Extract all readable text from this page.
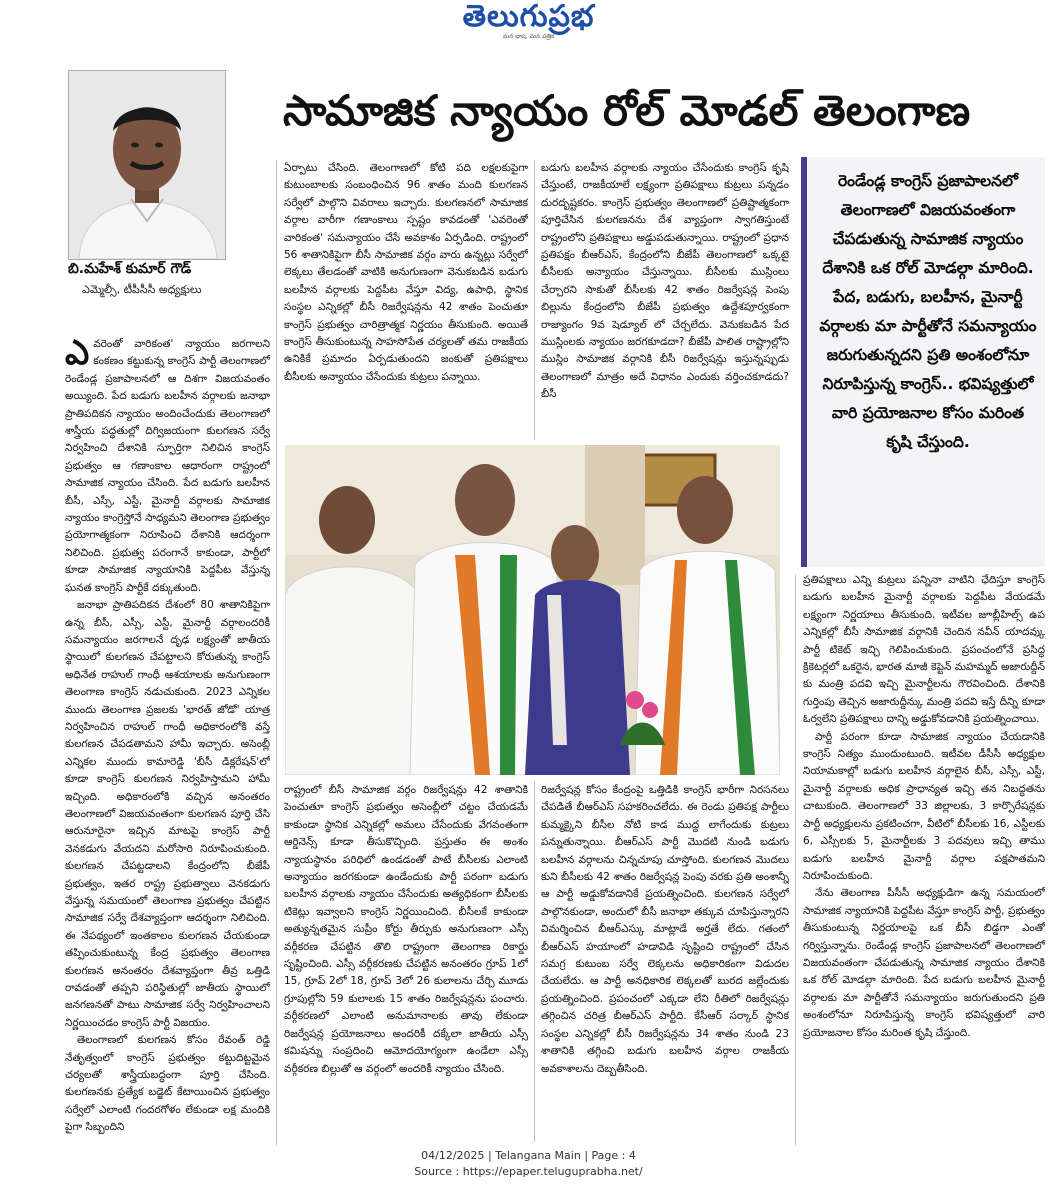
తెలుగుప్రభ
మన భాష, మన పత్రిక
బి.మహేశ్ కుమార్ గౌడ్
ఎమ్మెల్సీ, టీపీసీసీ అధ్యక్షులు
సామాజిక న్యాయం రోల్ మోడల్ తెలంగాణ
ఎ వరెంతో వారికంత' న్యాయం జరగాలని కంకణం కట్టుకున్న కాంగ్రెస్ పార్టీ తెలంగాణలో రెండేండ్ల ప్రజాపాలనలో ఆ దిశగా విజయవంతం అయ్యింది. పేద బడుగు బలహీన వర్గాలకు జనాభా ప్రాతిపదికన న్యాయం అందించేందుకు తెలంగాణలో శాస్త్రీయ పద్ధతుల్లో దిగ్విజయంగా కులగణన సర్వే నిర్వహించి దేశానికి స్ఫూర్తిగా నిలిచిన కాంగ్రెస్ ప్రభుత్వం ఆ గణాంకాల ఆధారంగా రాష్ట్రంలో సామాజిక న్యాయం చేసింది. పేద బడుగు బలహీన బీసీ, ఎస్సీ, ఎస్టీ, మైనార్టీ వర్గాలకు సామాజిక న్యాయం కాంగ్రెస్తోనే సాధ్యమని తెలంగాణ ప్రభుత్వం ప్రయోగాత్మకంగా నిరూపించి దేశానికి ఆదర్శంగా నిలిచింది. ప్రభుత్వ పరంగానే కాకుండా, పార్టీలో కూడా సామాజిక న్యాయానికి పెద్దపీట వేస్తున్న ఘనత కాంగ్రెస్ పార్టీకే దక్కుతుంది.

జనాభా ప్రాతిపదికన దేశంలో 80 శాతానికిపైగా ఉన్న బీసీ, ఎస్సీ, ఎస్టీ, మైనార్టీ వర్గాలందరికీ సమన్యాయం జరగాలనే దృఢ లక్ష్యంతో జాతీయ స్థాయిలో కులగణన చేపట్టాలని కోరుతున్న కాంగ్రెస్ అధినేత రాహుల్ గాంధీ ఆశయాలకు అనుగుణంగా తెలంగాణ కాంగ్రెస్ నడుచుకుంది. 2023 ఎన్నికల ముందు తెలంగాణ ప్రజలకు 'భారత్ జోడో' యాత్ర నిర్వహించిన రాహుల్ గాంధీ అధికారంలోకి వస్తే కులగణన చేపడతామని హామీ ఇచ్చారు. అసెంబ్లీ ఎన్నికల ముందు కామారెడ్డి 'బీసీ డిక్లరేషన్'లో కూడా కాంగ్రెస్ కులగణన నిర్వహిస్తామని హామీ ఇచ్చింది. అధికారంలోకి వచ్చిన అనంతరం తెలంగాణలో విజయవంతంగా కులగణన పూర్తి చేసి ఆరునూరైనా ఇచ్చిన మాటపై కాంగ్రెస్ పార్టీ వెనకడుగు వేయదని మరోసారి నిరూపించుకుంది. కులగణన చేపట్టడాలని కేంద్రంలోని బీజేపీ ప్రభుత్వం, ఇతర రాష్ట్ర ప్రభుత్వాలు వెనకడుగు వేస్తున్న సమయంలో తెలంగాణ ప్రభుత్వం చేపట్టిన సామాజిక సర్వే దేశవ్యాప్తంగా ఆదర్శంగా నిలిచింది. ఈ నేపథ్యంలో ఇంతకాలం కులగణన చేయకుండా తప్పించుకుంటున్న కేంద్ర ప్రభుత్వం తెలంగాణ కులగణన అనంతరం దేశవ్యాప్తంగా తీవ్ర ఒత్తిడి రావడంతో తప్పని పరిస్థితుల్లో జాతీయ స్థాయిలో జనగణనతో పాటు సామాజిక సర్వే నిర్వహించాలని నిర్ణయించడం కాంగ్రెస్ పార్టీ విజయం.

తెలంగాణలో కులగణన కోసం రేవంత్ రెడ్డి నేతృత్వంలో కాంగ్రెస్ ప్రభుత్వం కట్టుదిట్టమైన చర్యలతో శాస్త్రీయబద్ధంగా పూర్తి చేసింది. కులగణనకు ప్రత్యేక బడ్జెట్ కేటాయించిన ప్రభుత్వం సర్వేలో ఎలాంటి గందరగోళం లేకుండా లక్ష మందికి పైగా సిబ్బందిని

ఏర్పాటు చేసింది. తెలంగాణలో కోటి పది లక్షలకుపైగా కుటుంబాలకు సంబంధించిన 96 శాతం మంది కులగణన సర్వేలో పాల్గొని వివరాలు ఇచ్చారు. కులగణనలో సామాజిక వర్గాల వారీగా గణాంకాలు స్పష్టం కావడంతో 'ఎవరెంతో వారికంత' సమన్యాయం చేసే అవకాశం ఏర్పడింది. రాష్ట్రంలో 56 శాతానికిపైగా బీసీ సామాజిక వర్గం వారు ఉన్నట్లు సర్వేలో లెక్కలు తేలడంతో వాటికి అనుగుణంగా వెనుకబడిన బడుగు బలహీన వర్గాలకు పెద్దపీట వేస్తూ విద్య, ఉపాధి, స్థానిక సంస్థల ఎన్నికల్లో బీసీ రిజర్వేషన్లను 42 శాతం పెంచుతూ కాంగ్రెస్ ప్రభుత్వం చారిత్రాత్మక నిర్ణయం తీసుకుంది. అయితే కాంగ్రెస్ తీసుకుంటున్న సాహసోపేత చర్యలతో తమ రాజకీయ ఉనికికే ప్రమాదం ఏర్పడుతుందని జంకుతో ప్రతిపక్షాలు బీసీలకు అన్యాయం చేసేందుకు కుట్రలు పన్నాయి.

బడుగు బలహీన వర్గాలకు న్యాయం చేసేందుకు కాంగ్రెస్ కృషి చేస్తుంటే, రాజకీయాలే లక్ష్యంగా ప్రతిపక్షాలు కుట్రలు పన్నడం దురదృష్టకరం. కాంగ్రెస్ ప్రభుత్వం తెలంగాణలో ప్రతిష్టాత్మకంగా పూర్తిచేసిన కులగణనను దేశ వ్యాప్తంగా స్వాగతిస్తుంటే రాష్ట్రంలోని ప్రతిపక్షాలు అడ్డుపడుతున్నాయి. రాష్ట్రంలో ప్రధాన ప్రతిపక్షం బీఆర్ఎస్, కేంద్రంలోని బీజేపీ తెలంగాణలో ఒక్కటై బీసీలకు అన్యాయం చేస్తున్నాయి. బీసీలకు ముస్లింలు చేర్చారని సాకుతో బీసీలకు 42 శాతం రిజర్వేషన్ల పెంపు బిల్లును కేంద్రంలోని బీజేపీ ప్రభుత్వం ఉద్దేశపూర్వకంగా రాజ్యాంగం 9వ షెడ్యూల్ లో చేర్చలేదు. వెనుకబడిన పేద ముస్లింలకు న్యాయం జరగకూడదా? బీజేపీ పాలిత రాష్ట్రాల్లోని ముస్లిం సామాజిక వర్గానికి బీసీ రిజర్వేషన్లు ఇస్తున్నప్పుడు తెలంగాణలో మాత్రం అదే విధానం ఎందుకు వర్తించకూడదు? బీసీ

రెండేండ్ల కాంగ్రెస్ ప్రజాపాలనలో తెలంగాణలో విజయవంతంగా చేపడుతున్న సామాజిక న్యాయం దేశానికి ఒక రోల్ మోడల్గా మారింది. పేద, బడుగు, బలహీన, మైనార్టీ వర్గాలకు మా పార్టీతోనే సమన్యాయం జరుగుతున్నదని ప్రతి అంశంలోనూ నిరూపిస్తున్న కాంగ్రెస్.. భవిష్యత్తులో వారి ప్రయోజనాల కోసం మరింత కృషి చేస్తుంది.

రాష్ట్రంలో బీసీ సామాజిక వర్గం రిజర్వేషన్లు 42 శాతానికి పెంచుతూ కాంగ్రెస్ ప్రభుత్వం అసెంబ్లీలో చట్టం చేయడమే కాకుండా స్థానిక ఎన్నికల్లో అమలు చేసేందుకు వేగవంతంగా ఆర్డినెన్స్ కూడా తీసుకొచ్చింది. ప్రస్తుతం ఈ అంశం న్యాయస్థానం పరిధిలో ఉండడంతో పాటే బీసీలకు ఎలాంటి అన్యాయం జరగకుండా ఉండేందుకు పార్టీ పరంగా బడుగు బలహీన వర్గాలకు న్యాయం చేసేందుకు అత్యధికంగా బీసీలకు టికెట్లు ఇవ్వాలని కాంగ్రెస్ నిర్ణయించింది. బీసీలకే కాకుండా అత్యున్నతమైన సుప్రీం కోర్టు తీర్పుకు అనుగుణంగా ఎస్సీ వర్గీకరణ చేపట్టిన తొలి రాష్ట్రంగా తెలంగాణ రికార్డు సృష్టించింది. ఎస్సీ వర్గీకరణకు చేపట్టిన అనంతరం గ్రూప్ 1లో 15, గ్రూప్ 2లో 18, గ్రూప్ 3లో 26 కులాలను చేర్చి మూడు గ్రూపుల్లోని 59 కులాలకు 15 శాతం రిజర్వేషన్లను పంచారు. వర్గీకరణలో ఎలాంటి అనుమానాలకు తావు లేకుండా రిజర్వేషన్ల ప్రయోజనాలు అందరికీ దక్కేలా జాతీయ ఎస్సీ కమిషన్ను సంప్రదించి ఆమోదయోగ్యంగా ఉండేలా ఎస్సీ వర్గీకరణ బిల్లుతో ఆ వర్గంలో అందరికీ న్యాయం చేసింది.

రిజర్వేషన్ల కోసం కేంద్రంపై ఒత్తిడికి కాంగ్రెస్ భారీగా నిరసనలు చేపడితే బీఆర్ఎస్ సహకరించలేదు. ఈ రెండు ప్రతిపక్ష పార్టీలు కుమ్మక్కైని బీసీల నోటి కాడ ముద్ద లాగేందుకు కుట్రలు పన్నుతున్నాయి. బీఆర్ఎస్ పార్టీ మొదటి నుండి బడుగు బలహీన వర్గాలను చిన్నచూపు చూస్తోంది. కులగణన మొదలు కుని బీసీలకు 42 శాతం రిజర్వేషన్ల పెంపు వరకు ప్రతి అంశాన్నీ ఆ పార్టీ అడ్డుకోవడానికే ప్రయత్నించింది. కులగణన సర్వేలో పాల్గొనకుండా, అందులో బీసీ జనాభా తక్కువ చూపిస్తున్నారని విమర్శించిన బీఆర్ఎస్కు మాట్లాడే అర్హతే లేదు. గతంలో బీఆర్ఎస్ హయాంలో హడావిడి సృష్టించి రాష్ట్రంలో చేసిన సమగ్ర కుటుంబ సర్వే లెక్కలను అధికారికంగా విడుదల చేయలేదు. ఆ పార్టీ అనధికారిక లెక్కలతో బురద జల్లేందుకు ప్రయత్నించింది. ప్రపంచంలో ఎక్కడా లేని రీతిలో రిజర్వేషన్లు తగ్గించిన చరిత్ర బీఆర్ఎస్ పార్టీది. కేసీఆర్ సర్కార్ స్థానిక సంస్థల ఎన్నికల్లో బీసీ రిజర్వేషన్లను 34 శాతం నుండి 23 శాతానికి తగ్గించి బడుగు బలహీన వర్గాల రాజకీయ అవకాశాలను దెబ్బతీసింది.

ప్రతిపక్షాలు ఎన్ని కుట్రలు పన్నినా వాటిని ఛేదిస్తూ కాంగ్రెస్ బడుగు బలహీన మైనార్టీ వర్గాలకు పెద్దపీట వేయడమే లక్ష్యంగా నిర్ణయాలు తీసుకుంది. ఇటీవల జూబ్లీహిల్స్ ఉప ఎన్నికల్లో బీసీ సామాజిక వర్గానికి చెందిన నవీన్ యాదవ్కు పార్టీ టికెట్ ఇచ్చి గెలిపించుకుంది. ప్రపంచంలోనే ప్రసిద్ధ క్రికెటర్లలో ఒకరైన, భారత మాజీ కెప్టెన్ మహమ్మద్ అజారుద్దీన్ కు మంత్రి పదవి ఇచ్చి మైనార్టీలను గౌరవించింది. దేశానికి గుర్తింపు తెచ్చిన అజారుద్దీన్కు మంత్రి పదవి ఇస్తే దీన్ని కూడా ఓర్వలేని ప్రతిపక్షాలు దాన్ని అడ్డుకోవడానికి ప్రయత్నించాయి.

పార్టీ పరంగా కూడా సామాజిక న్యాయం చేయడానికి కాంగ్రెస్ నిత్యం ముందుంటుంది. ఇటీవల డీసీసీ అధ్యక్షుల నియామకాల్లో బడుగు బలహీన వర్గాలైన బీసీ, ఎస్సీ, ఎస్టీ, మైనార్టీ వర్గాలకు అధిక ప్రాధాన్యత ఇచ్చి తన నిబద్ధతను చాటుకుంది. తెలంగాణలో 33 జిల్లాలకు, 3 కార్పొరేషన్లకు పార్టీ అధ్యక్షులను ప్రకటించగా, వీటిలో బీసీలకు 16, ఎస్టీలకు 6, ఎస్సీలకు 5, మైనార్టీలకు 3 పదవులు ఇచ్చి తాము బడుగు బలహీన మైనార్టీ వర్గాల పక్షపాతమని నిరూపించుకుంది.

నేను తెలంగాణ పీసీసీ అధ్యక్షుడిగా ఉన్న సమయంలో సామాజిక న్యాయానికి పెద్దపీట వేస్తూ కాంగ్రెస్ పార్టీ, ప్రభుత్వం తీసుకుంటున్న నిర్ణయాలపై ఒక బీసీ బిడ్డగా ఎంతో గర్విస్తున్నాను. రెండేండ్ల కాంగ్రెస్ ప్రజాపాలనలో తెలంగాణలో విజయవంతంగా చేపడుతున్న సామాజిక న్యాయం దేశానికి ఒక రోల్ మోడల్గా మారింది. పేద బడుగు బలహీన మైనార్టీ వర్గాలకు మా పార్టీతోనే సమన్యాయం జరుగుతుందని ప్రతి అంశంలోనూ నిరూపిస్తున్న కాంగ్రెస్ భవిష్యత్తులో వారి ప్రయోజనాల కోసం మరింత కృషి చేస్తుంది.

04/12/2025 | Telangana Main | Page : 4
Source : https://epaper.teluguprabha.net/
